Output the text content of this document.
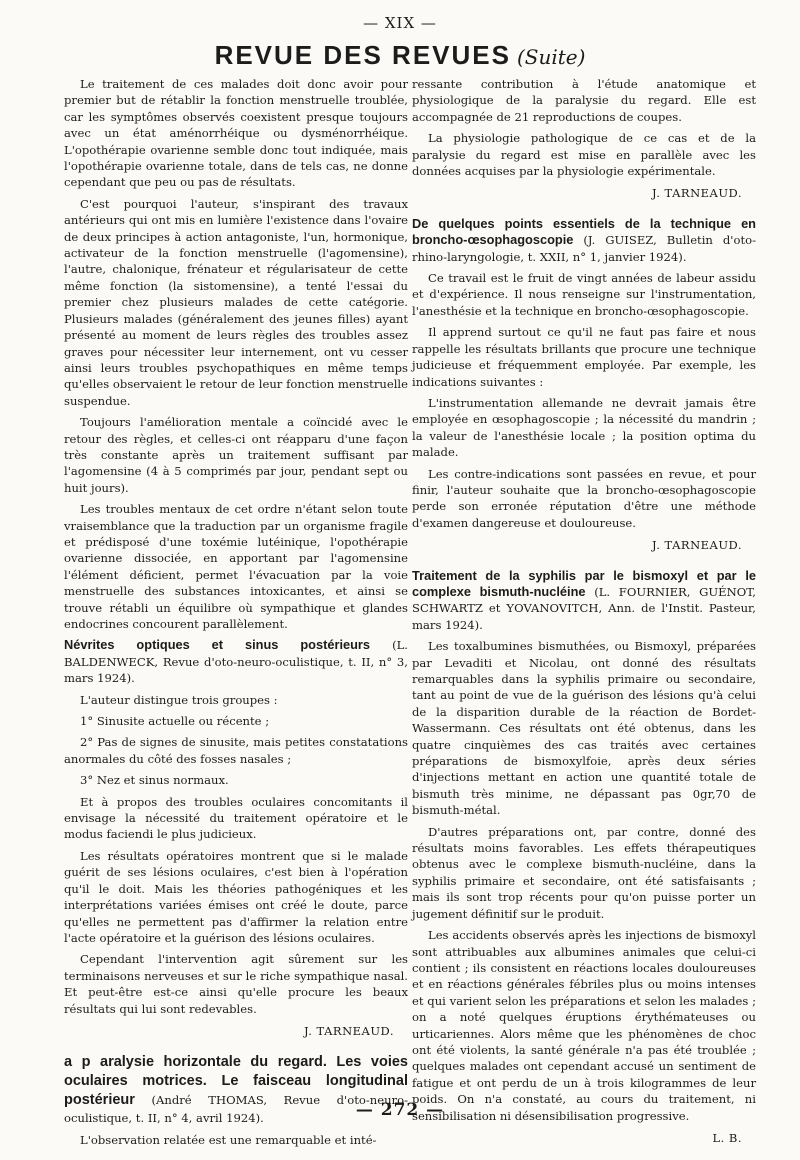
— XIX —
REVUE DES REVUES (Suite)

Le traitement de ces malades doit donc avoir pour premier but de rétablir la fonction menstruelle troublée, car les symptômes observés coexistent presque toujours avec un état aménorrhéique ou dysménorrhéique. L'opothérapie ovarienne semble donc tout indiquée, mais l'opothérapie ovarienne totale, dans de tels cas, ne donne cependant que peu ou pas de résultats.

C'est pourquoi l'auteur, s'inspirant des travaux antérieurs qui ont mis en lumière l'existence dans l'ovaire de deux principes à action antagoniste, l'un, hormonique, activateur de la fonction menstruelle (l'agomensine), l'autre, chalonique, frénateur et régularisateur de cette même fonction (la sistomensine), a tenté l'essai du premier chez plusieurs malades de cette catégorie. Plusieurs malades (généralement des jeunes filles) ayant présenté au moment de leurs règles des troubles assez graves pour nécessiter leur internement, ont vu cesser ainsi leurs troubles psychopathiques en même temps qu'elles observaient le retour de leur fonction menstruelle suspendue.

Toujours l'amélioration mentale a coïncidé avec le retour des règles, et celles-ci ont réapparu d'une façon très constante après un traitement suffisant par l'agomensine (4 à 5 comprimés par jour, pendant sept ou huit jours).

Les troubles mentaux de cet ordre n'étant selon toute vraisemblance que la traduction par un organisme fragile et prédisposé d'une toxémie lutéinique, l'opothérapie ovarienne dissociée, en apportant par l'agomensine l'élément déficient, permet l'évacuation par la voie menstruelle des substances intoxicantes, et ainsi se trouve rétabli un équilibre où sympathique et glandes endocrines concourent parallèlement.

Névrites optiques et sinus postérieurs (L. BALDENWECK, Revue d'oto-neuro-oculistique, t. II, n° 3, mars 1924).

L'auteur distingue trois groupes :

1° Sinusite actuelle ou récente ;

2° Pas de signes de sinusite, mais petites constatations anormales du côté des fosses nasales ;

3° Nez et sinus normaux.

Et à propos des troubles oculaires concomitants il envisage la nécessité du traitement opératoire et le modus faciendi le plus judicieux.

Les résultats opératoires montrent que si le malade guérit de ses lésions oculaires, c'est bien à l'opération qu'il le doit. Mais les théories pathogéniques et les interprétations variées émises ont créé le doute, parce qu'elles ne permettent pas d'affirmer la relation entre l'acte opératoire et la guérison des lésions oculaires.

Cependant l'intervention agit sûrement sur les terminaisons nerveuses et sur le riche sympathique nasal. Et peut-être est-ce ainsi qu'elle procure les beaux résultats qui lui sont redevables.

J. TARNEAUD.

a p aralysie horizontale du regard. Les voies oculaires motrices. Le faisceau longitudinal postérieur (André THOMAS, Revue d'oto-neuro-oculistique, t. II, n° 4, avril 1924).

L'observation relatée est une remarquable et inté-

ressante contribution à l'étude anatomique et physiologique de la paralysie du regard. Elle est accompagnée de 21 reproductions de coupes.

La physiologie pathologique de ce cas et de la paralysie du regard est mise en parallèle avec les données acquises par la physiologie expérimentale.

J. TARNEAUD.

De quelques points essentiels de la technique en broncho-œsophagoscopie (J. GUISEZ, Bulletin d'oto-rhino-laryngologie, t. XXII, n° 1, janvier 1924).

Ce travail est le fruit de vingt années de labeur assidu et d'expérience. Il nous renseigne sur l'instrumentation, l'anesthésie et la technique en broncho-œsophagoscopie.

Il apprend surtout ce qu'il ne faut pas faire et nous rappelle les résultats brillants que procure une technique judicieuse et fréquemment employée. Par exemple, les indications suivantes :

L'instrumentation allemande ne devrait jamais être employée en œsophagoscopie ; la nécessité du mandrin ; la valeur de l'anesthésie locale ; la position optima du malade.

Les contre-indications sont passées en revue, et pour finir, l'auteur souhaite que la broncho-œsophagoscopie perde son erronée réputation d'être une méthode d'examen dangereuse et douloureuse.

J. TARNEAUD.

Traitement de la syphilis par le bismoxyl et par le complexe bismuth-nucléine (L. FOURNIER, GUÉNOT, SCHWARTZ et YOVANOVITCH, Ann. de l'Instit. Pasteur, mars 1924).

Les toxalbumines bismuthées, ou Bismoxyl, préparées par Levaditi et Nicolau, ont donné des résultats remarquables dans la syphilis primaire ou secondaire, tant au point de vue de la guérison des lésions qu'à celui de la disparition durable de la réaction de Bordet- Wassermann. Ces résultats ont été obtenus, dans les quatre cinquièmes des cas traités avec certaines préparations de bismoxylfoie, après deux séries d'injections mettant en action une quantité totale de bismuth très minime, ne dépassant pas 0gr,70 de bismuth-métal.

D'autres préparations ont, par contre, donné des résultats moins favorables. Les effets thérapeutiques obtenus avec le complexe bismuth-nucléine, dans la syphilis primaire et secondaire, ont été satisfaisants ; mais ils sont trop récents pour qu'on puisse porter un jugement définitif sur le produit.

Les accidents observés après les injections de bismoxyl sont attribuables aux albumines animales que celui-ci contient ; ils consistent en réactions locales douloureuses et en réactions générales fébriles plus ou moins intenses et qui varient selon les préparations et selon les malades ; on a noté quelques éruptions érythémateuses ou urticariennes. Alors même que les phénomènes de choc ont été violents, la santé générale n'a pas été troublée ; quelques malades ont cependant accusé un sentiment de fatigue et ont perdu de un à trois kilogrammes de leur poids. On n'a constaté, au cours du traitement, ni sensibilisation ni désensibilisation progressive.

L. B.
— 272 —
